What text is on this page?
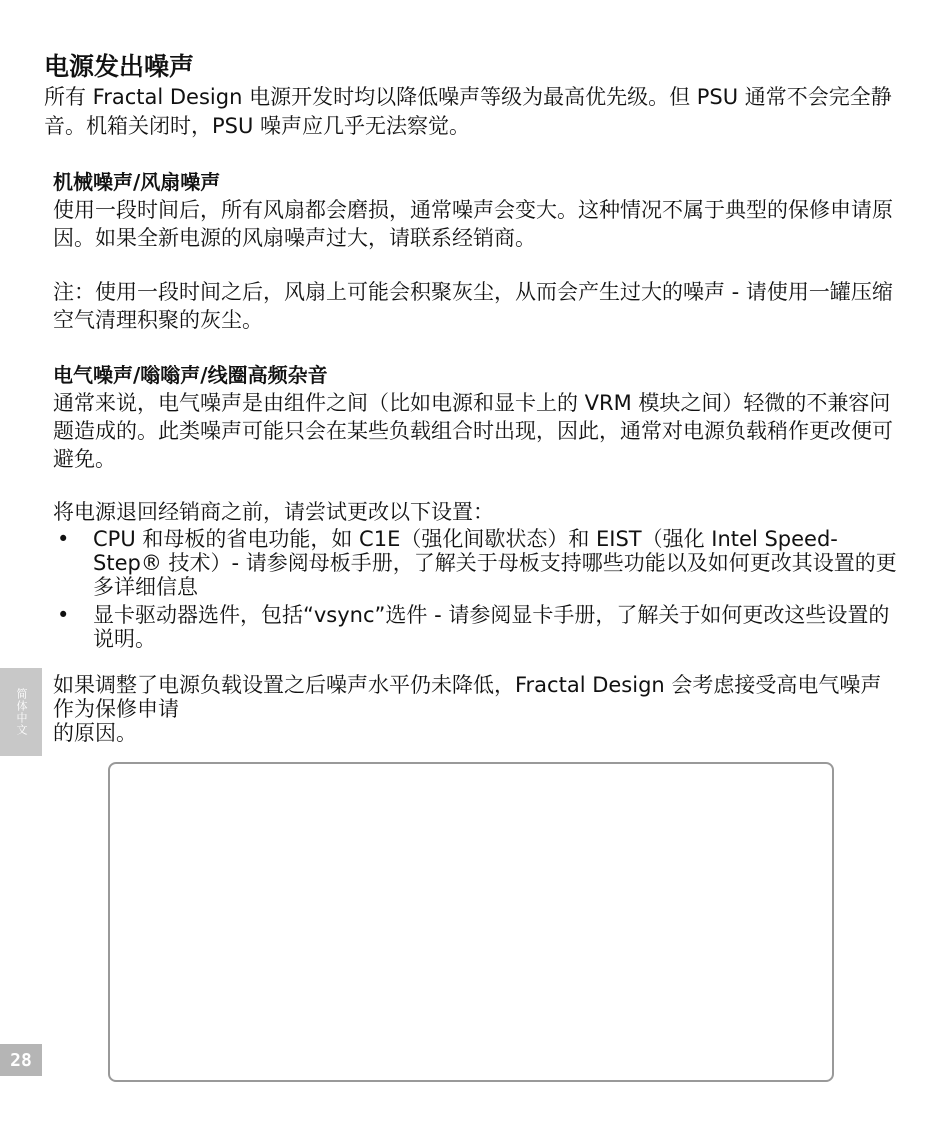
电源发出噪声
所有 Fractal Design 电源开发时均以降低噪声等级为最高优先级。但 PSU 通常不会完全静音。机箱关闭时，PSU 噪声应几乎无法察觉。
机械噪声/风扇噪声
使用一段时间后，所有风扇都会磨损，通常噪声会变大。这种情况不属于典型的保修申请原因。如果全新电源的风扇噪声过大，请联系经销商。
注：使用一段时间之后，风扇上可能会积聚灰尘，从而会产生过大的噪声 - 请使用一罐压缩空气清理积聚的灰尘。
电气噪声/嗡嗡声/线圈高频杂音
通常来说，电气噪声是由组件之间（比如电源和显卡上的 VRM 模块之间）轻微的不兼容问题造成的。此类噪声可能只会在某些负载组合时出现，因此，通常对电源负载稍作更改便可避免。
将电源退回经销商之前，请尝试更改以下设置：
• CPU 和母板的省电功能，如 C1E（强化间歇状态）和 EIST（强化 Intel Speed-Step® 技术）- 请参阅母板手册，了解关于母板支持哪些功能以及如何更改其设置的更多详细信息
• 显卡驱动器选件，包括“vsync”选件 - 请参阅显卡手册，了解关于如何更改这些设置的说明。
如果调整了电源负载设置之后噪声水平仍未降低，Fractal Design 会考虑接受高电气噪声作为保修申请
的原因。
简体中文
28
